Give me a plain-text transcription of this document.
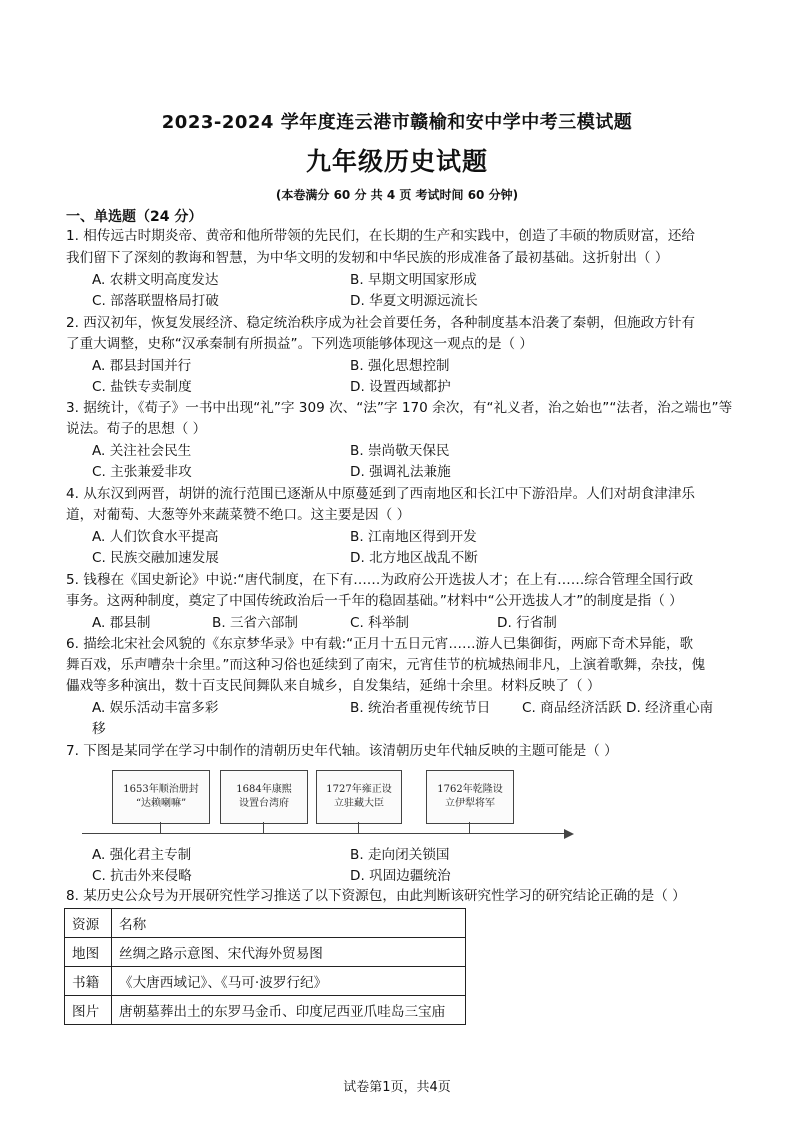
2023-2024 学年度连云港市赣榆和安中学中考三模试题
九年级历史试题
(本卷满分 60 分 共 4 页 考试时间 60 分钟)
一、单选题（24 分）
1. 相传远古时期炎帝、黄帝和他所带领的先民们，在长期的生产和实践中，创造了丰硕的物质财富，还给
我们留下了深刻的教诲和智慧，为中华文明的发轫和中华民族的形成准备了最初基础。这折射出（ ）
A. 农耕文明高度发达	B. 早期文明国家形成
C. 部落联盟格局打破	D. 华夏文明源远流长
2. 西汉初年，恢复发展经济、稳定统治秩序成为社会首要任务，各种制度基本沿袭了秦朝，但施政方针有
了重大调整，史称“汉承秦制有所损益”。下列选项能够体现这一观点的是（ ）
A. 郡县封国并行	B. 强化思想控制
C. 盐铁专卖制度	D. 设置西域都护
3. 据统计，《荀子》一书中出现“礼”字 309 次、“法”字 170 余次，有“礼义者，治之始也”“法者，治之端也”等
说法。荀子的思想（ ）
A. 关注社会民生	B. 崇尚敬天保民
C. 主张兼爱非攻	D. 强调礼法兼施
4. 从东汉到两晋，胡饼的流行范围已逐渐从中原蔓延到了西南地区和长江中下游沿岸。人们对胡食津津乐
道，对葡萄、大葱等外来蔬菜赞不绝口。这主要是因（ ）
A. 人们饮食水平提高	B. 江南地区得到开发
C. 民族交融加速发展	D. 北方地区战乱不断
5. 钱穆在《国史新论》中说:“唐代制度，在下有……为政府公开选拔人才；在上有……综合管理全国行政
事务。这两种制度，奠定了中国传统政治后一千年的稳固基础。”材料中“公开选拔人才”的制度是指（ ）
A. 郡县制	B. 三省六部制	C. 科举制	D. 行省制
6. 描绘北宋社会风貌的《东京梦华录》中有载:“正月十五日元宵……游人已集御街，两廊下奇术异能，歌
舞百戏，乐声嘈杂十余里。”而这种习俗也延续到了南宋，元宵佳节的杭城热闹非凡，上演着歌舞，杂技，傀
儡戏等多种演出，数十百支民间舞队来自城乡，自发集结，延绵十余里。材料反映了（ ）
A. 娱乐活动丰富多彩	B. 统治者重视传统节日 C. 商品经济活跃 D. 经济重心南
移
7. 下图是某同学在学习中制作的清朝历史年代轴。该清朝历史年代轴反映的主题可能是（ ）
1653年顺治册封
“达赖喇嘛”
1684年康熙
设置台湾府
1727年雍正设
立驻藏大臣
1762年乾隆设
立伊犁将军
A. 强化君主专制	B. 走向闭关锁国
C. 抗击外来侵略	D. 巩固边疆统治
8. 某历史公众号为开展研究性学习推送了以下资源包，由此判断该研究性学习的研究结论正确的是（ ）
资源	名称
地图	丝绸之路示意图、宋代海外贸易图
书籍	《大唐西域记》、《马可·波罗行纪》
图片	唐朝墓葬出土的东罗马金币、印度尼西亚爪哇岛三宝庙
试卷第1页，共4页
